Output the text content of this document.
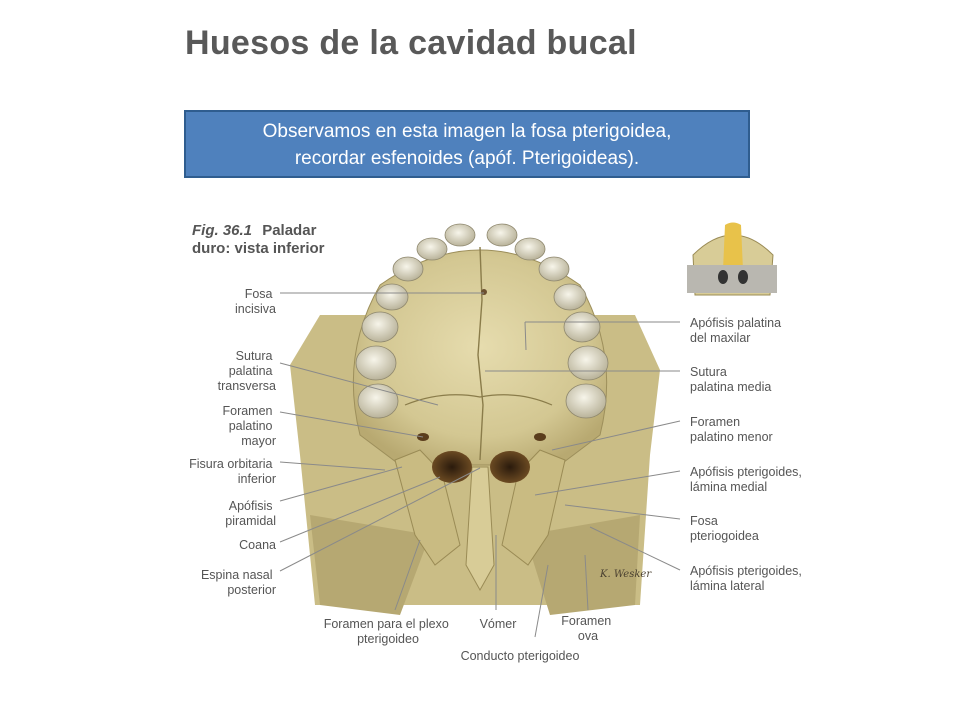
Huesos de la cavidad bucal
Observamos en esta imagen la fosa pterigoidea,
recordar esfenoides (apóf. Pterigoideas).
Fig. 36.1 Paladar
duro: vista inferior
K. Wesker
Fosa incisiva
Sutura palatina transversa
Foramen palatino mayor
Fisura orbitaria inferior
Apófisis piramidal
Coana
Espina nasal posterior
Apófisis palatina del maxilar
Sutura palatina media
Foramen palatino menor
Apófisis pterigoides, lámina medial
Fosa pteriogoidea
Apófisis pterigoides, lámina lateral
Foramen para el plexo pterigoideo
Vómer
Conducto pterigoideo
Foramen ova
